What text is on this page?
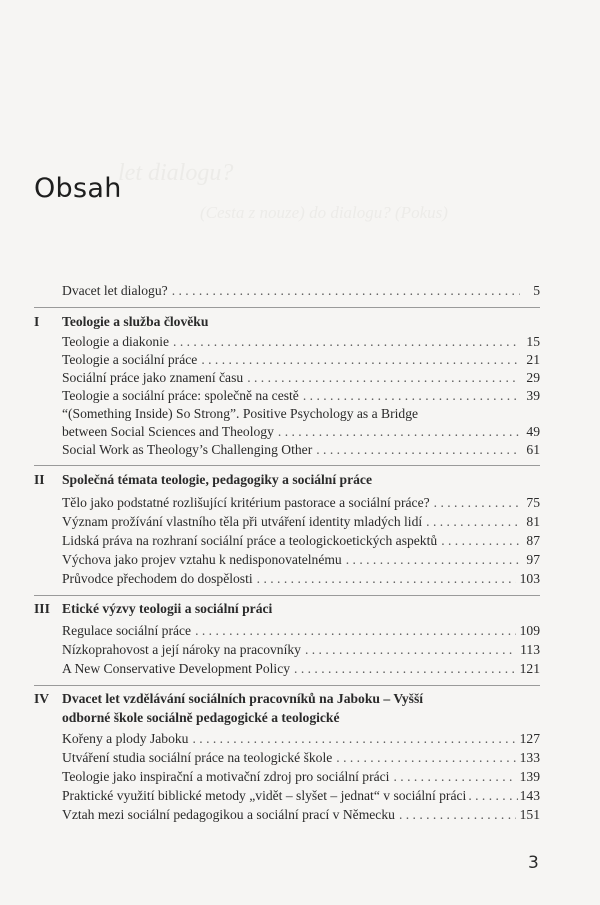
let dialogu?
(Cesta z nouze) do dialogu? (Pokus)
Obsah
Dvacet let dialogu? . . .	5
I Teologie a služba člověku
Teologie a diakonie . . .	15
Teologie a sociální práce . . .	21
Sociální práce jako znamení času . . .	29
Teologie a sociální práce: společně na cestě . . .	39
“(Something Inside) So Strong”. Positive Psychology as a Bridge
between Social Sciences and Theology . . .	49
Social Work as Theology’s Challenging Other . . .	61
II Společná témata teologie, pedagogiky a sociální práce
Tělo jako podstatné rozlišující kritérium pastorace a sociální práce? . . .	75
Význam prožívání vlastního těla při utváření identity mladých lidí . . .	81
Lidská práva na rozhraní sociální práce a teologickoetických aspektů . . .	87
Výchova jako projev vztahu k nedisponovatelnému . . .	97
Průvodce přechodem do dospělosti . . .	103
III Etické výzvy teologii a sociální práci
Regulace sociální práce . . .	109
Nízkoprahovost a její nároky na pracovníky . . .	113
A New Conservative Development Policy . . .	121
IV Dvacet let vzdělávání sociálních pracovníků na Jaboku – Vyšší
odborné škole sociálně pedagogické a teologické
Kořeny a plody Jaboku . . .	127
Utváření studia sociální práce na teologické škole . . .	133
Teologie jako inspirační a motivační zdroj pro sociální práci . . .	139
Praktické využití biblické metody „vidět – slyšet – jednat“ v sociální práci . . .	143
Vztah mezi sociální pedagogikou a sociální prací v Německu . . .	151
3
